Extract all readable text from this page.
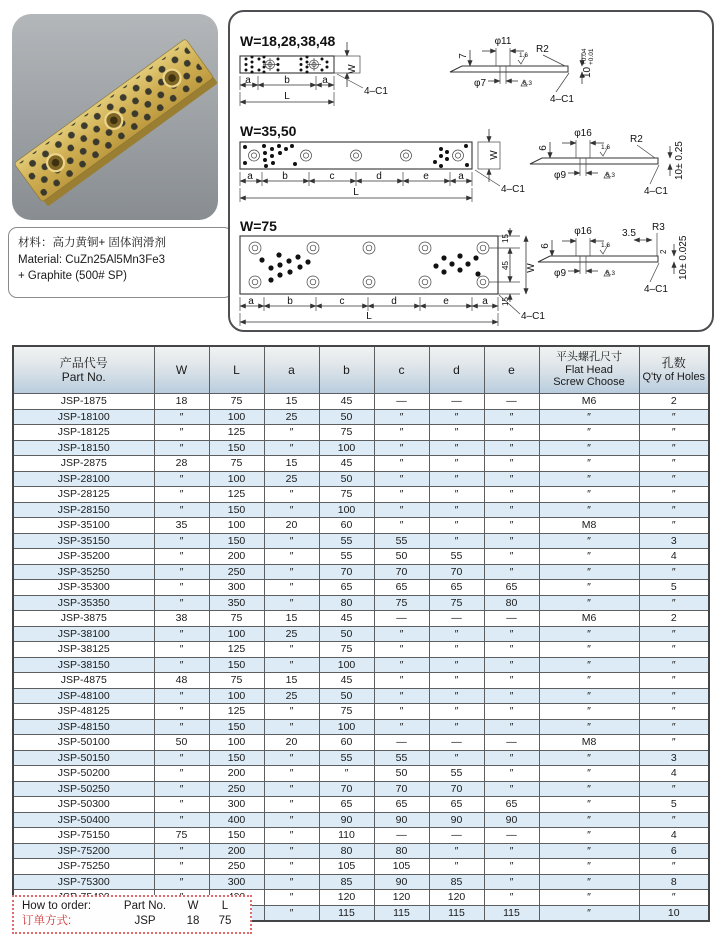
材料：高力黄铜+ 固体润滑剂
Material: CuZn25Al5Mn3Fe3
+ Graphite (500# SP)
W=18,28,38,48
W
a	b	a
L	4–C1
φ11
7
R2
1.6
6.3
φ7
10
+0.04 +0.01
4–C1
W=35,50
W
a	b	c	d	e	a
L	4–C1
φ16
6
R2
1.6
6.3
φ9	10± 0.25
4–C1
W=75
15
45
15
W
a	b	c	d	e	a
L	4–C1
φ16
6
3.5
R3
1.6
6.3
φ9
2 10± 0.025
4–C1
产品代号
Part No.
	W	L	a	b	c	d	e	
平头螺孔尺寸
Flat Head
Screw Choose

孔数
Q'ty of Holes

JSP-1875	18	75	15	45	—	—	—	M6	2
JSP-18100	″	100	25	50	″	″	″	″	″
JSP-18125	″	125	″	75	″	″	″	″	″
JSP-18150	″	150	″	100	″	″	″	″	″
JSP-2875	28	75	15	45	″	″	″	″	″
JSP-28100	″	100	25	50	″	″	″	″	″
JSP-28125	″	125	″	75	″	″	″	″	″
JSP-28150	″	150	″	100	″	″	″	″	″
JSP-35100	35	100	20	60	″	″	″	M8	″
JSP-35150	″	150	″	55	55	″	″	″	3
JSP-35200	″	200	″	55	50	55	″	″	4
JSP-35250	″	250	″	70	70	70	″	″	″
JSP-35300	″	300	″	65	65	65	65	″	5
JSP-35350	″	350	″	80	75	75	80	″	″
JSP-3875	38	75	15	45	—	—	—	M6	2
JSP-38100	″	100	25	50	″	″	″	″	″
JSP-38125	″	125	″	75	″	″	″	″	″
JSP-38150	″	150	″	100	″	″	″	″	″
JSP-4875	48	75	15	45	″	″	″	″	″
JSP-48100	″	100	25	50	″	″	″	″	″
JSP-48125	″	125	″	75	″	″	″	″	″
JSP-48150	″	150	″	100	″	″	″	″	″
JSP-50100	50	100	20	60	—	—	—	M8	″
JSP-50150	″	150	″	55	55	″	″	″	3
JSP-50200	″	200	″	″	50	55	″	″	4
JSP-50250	″	250	″	70	70	70	″	″	″
JSP-50300	″	300	″	65	65	65	65	″	5
JSP-50400	″	400	″	90	90	90	90	″	″
JSP-75150	75	150	″	110	—	—	—	″	4
JSP-75200	″	200	″	80	80	″	″	″	6
JSP-75250	″	250	″	105	105	″	″	″	″
JSP-75300	″	300	″	85	90	85	″	″	8
			″	120	120	120	″	″	″
			″	115	115	115	115	″	10
How to order:	Part No.	W	L
订单方式:	JSP	18	75
